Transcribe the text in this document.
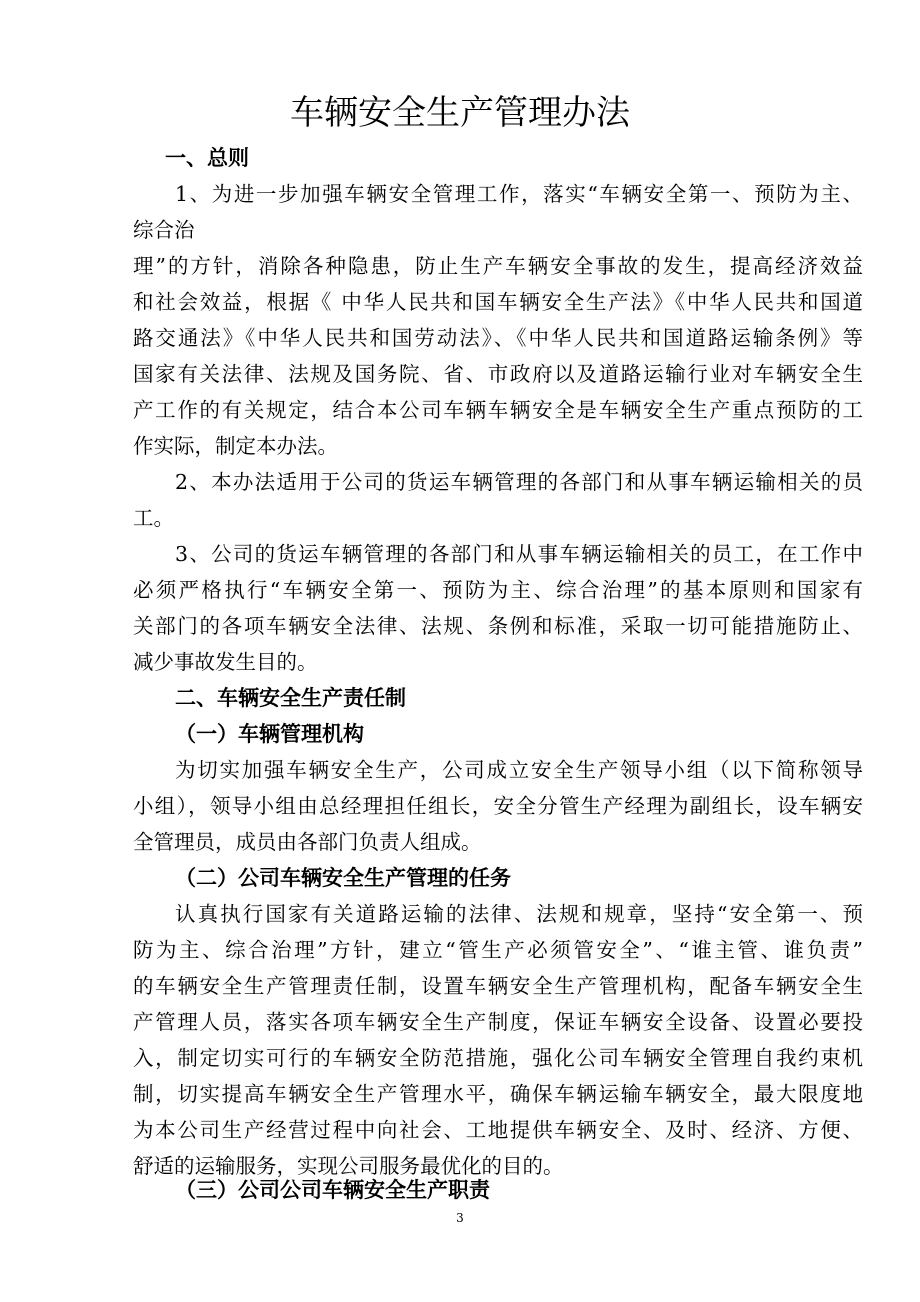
车辆安全生产管理办法
一、总则
1、为进一步加强车辆安全管理工作，落实“车辆安全第一、预防为主、
综合治
理”的方针，消除各种隐患，防止生产车辆安全事故的发生，提高经济效益
和社会效益，根据《 中华人民共和国车辆安全生产法》《中华人民共和国道
路交通法》《中华人民共和国劳动法》、《中华人民共和国道路运输条例》等
国家有关法律、法规及国务院、省、市政府以及道路运输行业对车辆安全生
产工作的有关规定，结合本公司车辆车辆安全是车辆安全生产重点预防的工
作实际，制定本办法。
2、本办法适用于公司的货运车辆管理的各部门和从事车辆运输相关的员
工。
3、公司的货运车辆管理的各部门和从事车辆运输相关的员工，在工作中
必须严格执行“车辆安全第一、预防为主、综合治理”的基本原则和国家有
关部门的各项车辆安全法律、法规、条例和标准，采取一切可能措施防止、
减少事故发生目的。
二、车辆安全生产责任制
（一）车辆管理机构
为切实加强车辆安全生产，公司成立安全生产领导小组（以下简称领导
小组），领导小组由总经理担任组长，安全分管生产经理为副组长，设车辆安
全管理员，成员由各部门负责人组成。
（二）公司车辆安全生产管理的任务
认真执行国家有关道路运输的法律、法规和规章，坚持“安全第一、预
防为主、综合治理”方针，建立“管生产必须管安全”、“谁主管、谁负责”
的车辆安全生产管理责任制，设置车辆安全生产管理机构，配备车辆安全生
产管理人员，落实各项车辆安全生产制度，保证车辆安全设备、设置必要投
入，制定切实可行的车辆安全防范措施，强化公司车辆安全管理自我约束机
制，切实提高车辆安全生产管理水平，确保车辆运输车辆安全，最大限度地
为本公司生产经营过程中向社会、工地提供车辆安全、及时、经济、方便、
舒适的运输服务，实现公司服务最优化的目的。
（三）公司公司车辆安全生产职责
3
